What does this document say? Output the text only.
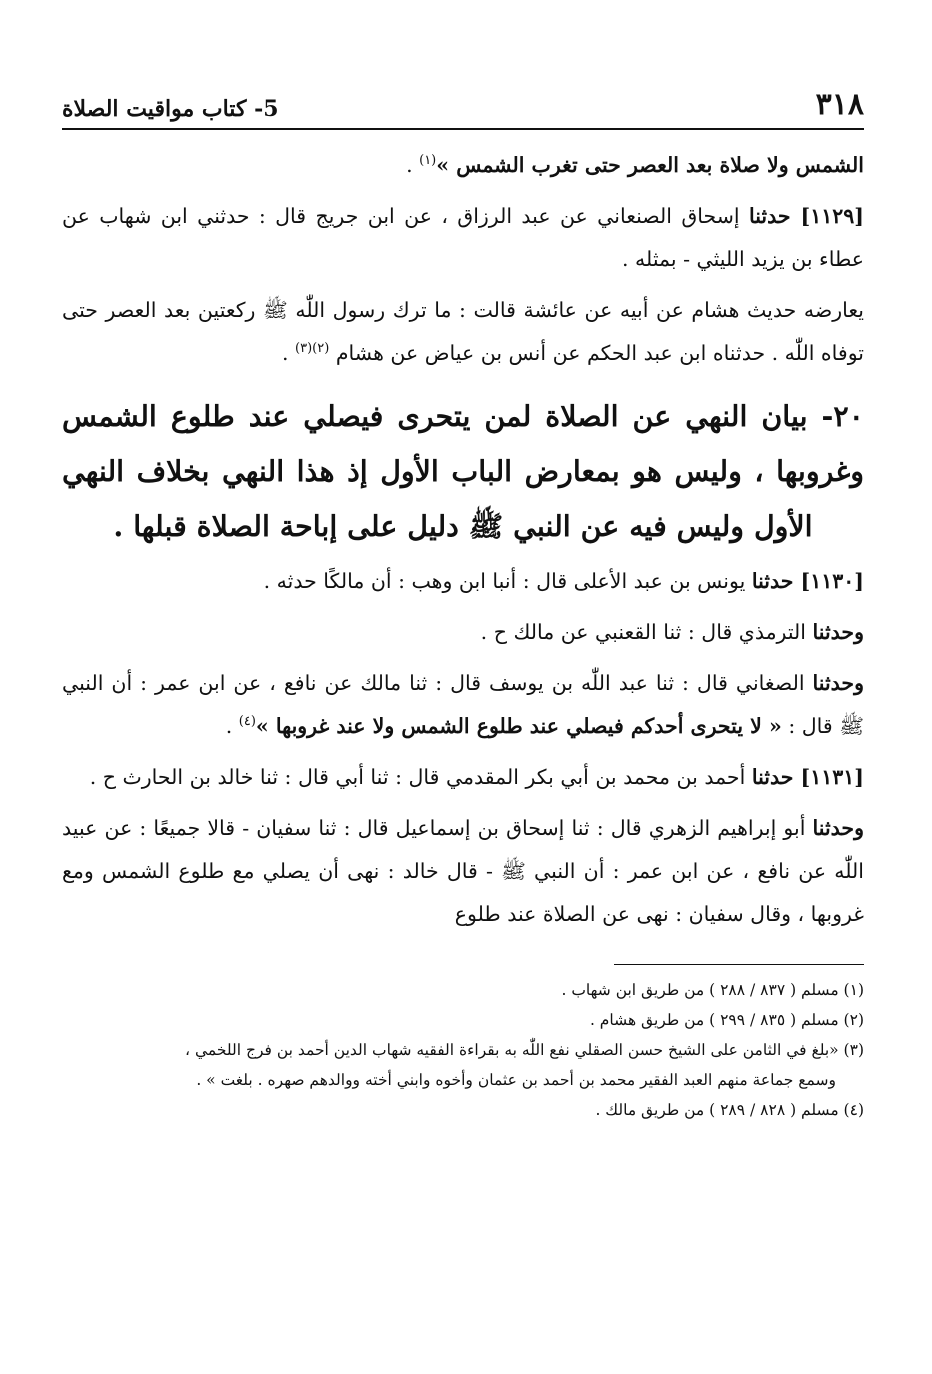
٣١٨
5- كتاب مواقيت الصلاة

الشمس ولا صلاة بعد العصر حتى تغرب الشمس »$^{(١)}$ .

[١١٢٩] حدثنا إسحاق الصنعاني عن عبد الرزاق ، عن ابن جريج قال : حدثني ابن شهاب عن عطاء بن يزيد الليثي - بمثله .

يعارضه حديث هشام عن أبيه عن عائشة قالت : ما ترك رسول اللّٰه ﷺ ركعتين بعد العصر حتى توفاه اللّٰه . حدثناه ابن عبد الحكم عن أنس بن عياض عن هشام $^{(٢)(٣)}$ .

٢٠- بيان النهي عن الصلاة لمن يتحرى فيصلي عند طلوع الشمس وغروبها ، وليس هو بمعارض الباب الأول إذ هذا النهي بخلاف النهي الأول وليس فيه عن النبي ﷺ دليل على إباحة الصلاة قبلها .

[١١٣٠] حدثنا يونس بن عبد الأعلى قال : أنبا ابن وهب : أن مالكًا حدثه .

وحدثنا الترمذي قال : ثنا القعنبي عن مالك ح .

وحدثنا الصغاني قال : ثنا عبد اللّٰه بن يوسف قال : ثنا مالك عن نافع ، عن ابن عمر : أن النبي ﷺ قال : « لا يتحرى أحدكم فيصلي عند طلوع الشمس ولا عند غروبها »$^{(٤)}$ .

[١١٣١] حدثنا أحمد بن محمد بن أبي بكر المقدمي قال : ثنا أبي قال : ثنا خالد بن الحارث ح .

وحدثنا أبو إبراهيم الزهري قال : ثنا إسحاق بن إسماعيل قال : ثنا سفيان - قالا جميعًا : عن عبيد اللّٰه عن نافع ، عن ابن عمر : أن النبي ﷺ - قال خالد : نهى أن يصلي مع طلوع الشمس ومع غروبها ، وقال سفيان : نهى عن الصلاة عند طلوع

(١) مسلم ( ٨٣٧ / ٢٨٨ ) من طريق ابن شهاب .

(٢) مسلم ( ٨٣٥ / ٢٩٩ ) من طريق هشام .

(٣) «بلغ في الثامن على الشيخ حسن الصقلي نفع اللّٰه به بقراءة الفقيه شهاب الدين أحمد بن فرج اللخمي ،

وسمع جماعة منهم العبد الفقير محمد بن أحمد بن عثمان وأخوه وابني أخته ووالدهم صهره . بلغت » .

(٤) مسلم ( ٨٢٨ / ٢٨٩ ) من طريق مالك .
